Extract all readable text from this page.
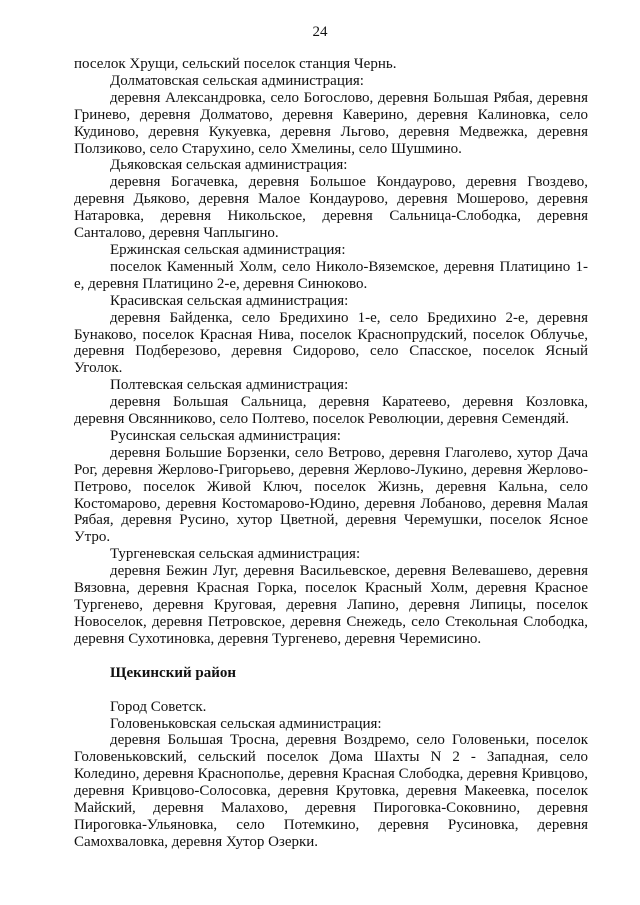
24

поселок Хрущи, сельский поселок станция Чернь.

Долматовская сельская администрация:

деревня Александровка, село Богослово, деревня Большая Рябая, деревня Гринево, деревня Долматово, деревня Каверино, деревня Калиновка, село Кудиново, деревня Кукуевка, деревня Льгово, деревня Медвежка, деревня Ползиково, село Старухино, село Хмелины, село Шушмино.

Дьяковская сельская администрация:

деревня Богачевка, деревня Большое Кондаурово, деревня Гвоздево, деревня Дьяково, деревня Малое Кондаурово, деревня Мошерово, деревня Натаровка, деревня Никольское, деревня Сальница-Слободка, деревня Санталово, деревня Чаплыгино.

Ержинская сельская администрация:

поселок Каменный Холм, село Николо-Вяземское, деревня Платицино 1-е, деревня Платицино 2-е, деревня Синюково.

Красивская сельская администрация:

деревня Байденка, село Бредихино 1-е, село Бредихино 2-е, деревня Бунаково, поселок Красная Нива, поселок Краснопрудский, поселок Облучье, деревня Подберезово, деревня Сидорово, село Спасское, поселок Ясный Уголок.

Полтевская сельская администрация:

деревня Большая Сальница, деревня Каратеево, деревня Козловка, деревня Овсянниково, село Полтево, поселок Революции, деревня Семендяй.

Русинская сельская администрация:

деревня Большие Борзенки, село Ветрово, деревня Глаголево, хутор Дача Рог, деревня Жерлово-Григорьево, деревня Жерлово-Лукино, деревня Жерлово-Петрово, поселок Живой Ключ, поселок Жизнь, деревня Кальна, село Костомарово, деревня Костомарово-Юдино, деревня Лобаново, деревня Малая Рябая, деревня Русино, хутор Цветной, деревня Черемушки, поселок Ясное Утро.

Тургеневская сельская администрация:

деревня Бежин Луг, деревня Васильевское, деревня Велевашево, деревня Вязовна, деревня Красная Горка, поселок Красный Холм, деревня Красное Тургенево, деревня Круговая, деревня Лапино, деревня Липицы, поселок Новоселок, деревня Петровское, деревня Снежедь, село Стекольная Слободка, деревня Сухотиновка, деревня Тургенево, деревня Черемисино.

Щекинский район

Город Советск.

Головеньковская сельская администрация:

деревня Большая Тросна, деревня Воздремо, село Головеньки, поселок Головеньковский, сельский поселок Дома Шахты N 2 - Западная, село Коледино, деревня Краснополье, деревня Красная Слободка, деревня Кривцово, деревня Кривцово-Солосовка, деревня Крутовка, деревня Макеевка, поселок Майский, деревня Малахово, деревня Пироговка-Соковнино, деревня Пироговка-Ульяновка, село Потемкино, деревня Русиновка, деревня Самохваловка, деревня Хутор Озерки.
